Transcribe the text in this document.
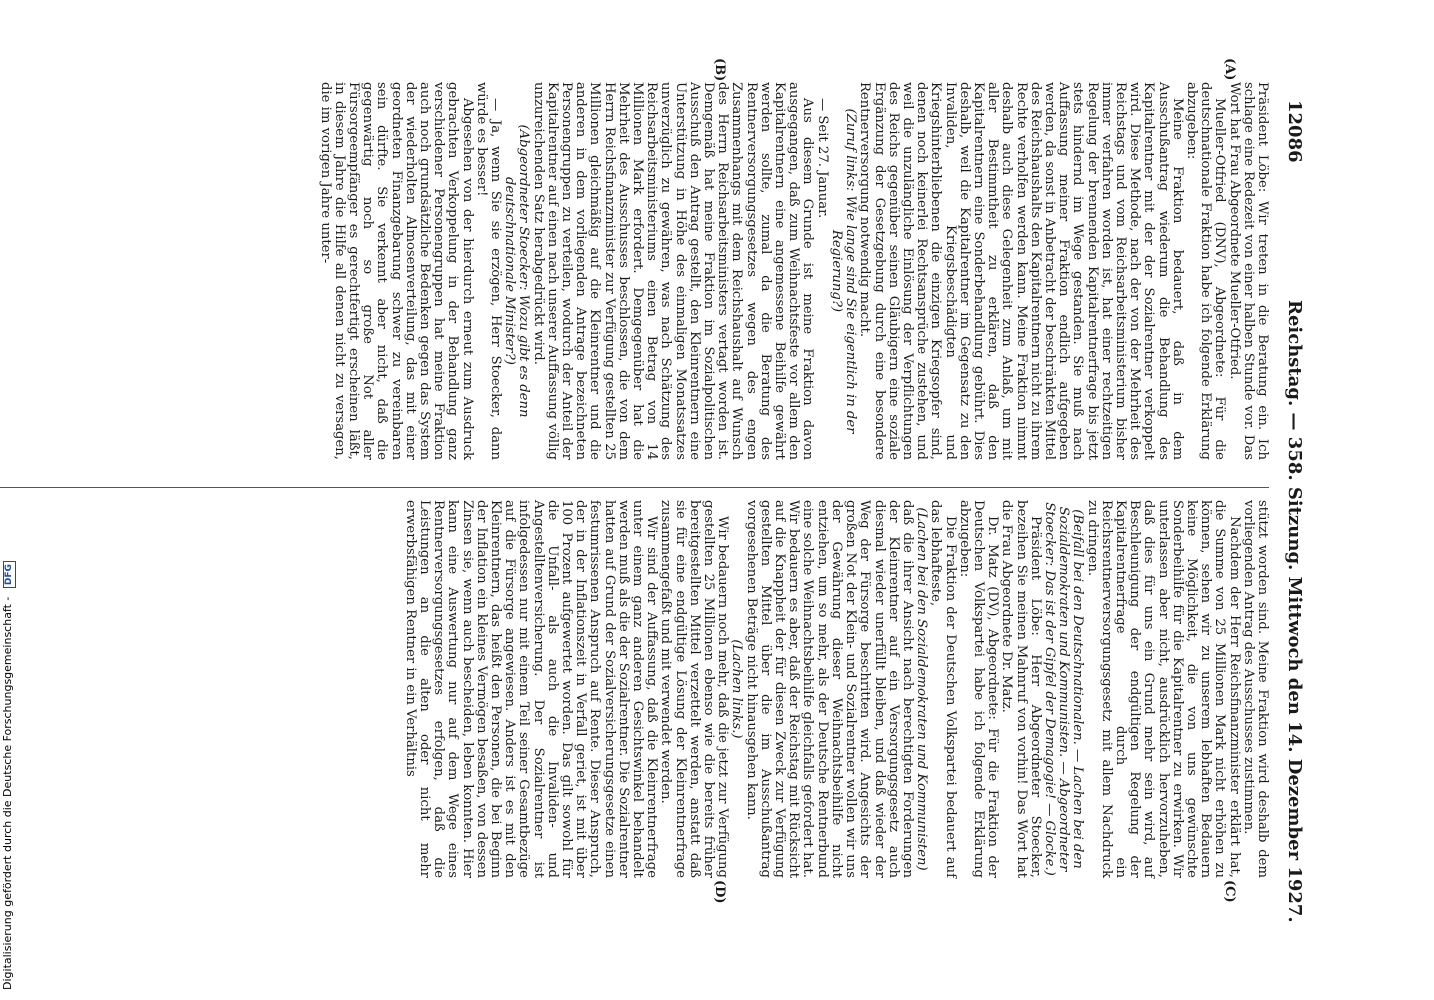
12086
Reichstag. — 358. Sitzung. Mittwoch den 14. Dezember 1927.
(A)
(B)
(C)
(D)

Präsident Löbe: Wir treten in die Beratung ein. Ich schlage eine Redezeit von einer halben Stunde vor. Das Wort hat Frau Abgeordnete Mueller-Otfried.

Mueller-Otfried (DNV), Abgeordnete: Für die deutschnationale Fraktion habe ich folgende Erklärung abzugeben:

Meine Fraktion bedauert, daß in dem Ausschußantrag wiederum die Behandlung des Kapitalrentner mit der der Sozialrentner verkoppelt wird. Diese Methode, nach der von der Mehrheit des Reichstags und vom Reichsarbeitsministerium bisher immer verfahren worden ist, hat einer rechtzeitigen Regelung der brennenden Kapitalrentnerfrage bis jetzt stets hindernd im Wege gestanden. Sie muß nach Auffassung meiner Fraktion endlich aufgegeben werden, da sonst in Anbetracht der beschränkten Mittel des Reichshaushalts den Kapitalrentnern nicht zu ihrem Rechte verholfen werden kann. Meine Fraktion nimmt deshalb auch diese Gelegenheit zum Anlaß, um mit aller Bestimmtheit zu erklären, daß den Kapitalrentnern eine Sonderbehandlung gebührt. Dies deshalb, weil die Kapitalrentner im Gegensatz zu den Invaliden, Kriegsbeschädigten und Kriegshinterbliebenen die einzigen Kriegsopfer sind, denen noch keinerlei Rechtsansprüche zustehen, und weil die unzulängliche Einlösung der Verpflichtungen des Reichs gegenüber seinen Gläubigern eine soziale Ergänzung der Gesetzgebung durch eine besondere Rentnerversorgung notwendig macht.

(Zuruf links: Wie lange sind Sie eigentlich in der Regierung?)

— Seit 27. Januar.

Aus diesem Grunde ist meine Fraktion davon ausgegangen, daß zum Weihnachtsfeste vor allem den Kapitalrentnern eine angemessene Beihilfe gewährt werden sollte, zumal da die Beratung des Rentnerversorgungsgesetzes wegen des engen Zusammenhangs mit dem Reichshaushalt auf Wunsch des Herrn Reichsarbeitsministers vertagt worden ist. Demgemäß hat meine Fraktion im Sozialpolitischen Ausschuß den Antrag gestellt, den Kleinrentnern eine Unterstützung in Höhe des einmaligen Monatssatzes unverzüglich zu gewähren, was nach Schätzung des Reichsarbeitsministeriums einen Betrag von 14 Millionen Mark erfordert. Demgegenüber hat die Mehrheit des Ausschusses beschlossen, die von dem Herrn Reichsfinanzminister zur Verfügung gestellten 25 Millionen gleichmäßig auf die Kleinrentner und die anderen in dem vorliegenden Antrage bezeichneten Personengruppen zu verteilen, wodurch der Anteil der Kapitalrentner auf einen nach unserer Auffassung völlig unzureichenden Satz herabgedrückt wird.

(Abgeordneter Stoecker: Wozu gibt es denn deutschnationale Minister?)

— Ja, wenn Sie sie erzögen, Herr Stoecker, dann würde es besser!

Abgesehen von der hierdurch erneut zum Ausdruck gebrachten Verkoppelung in der Behandlung ganz verschiedener Personengruppen hat meine Fraktion auch noch grundsätzliche Bedenken gegen das System der wiederholten Almosenverteilung, das mit einer geordneten Finanzgebarung schwer zu vereinbaren sein dürfte. Sie verkennt aber nicht, daß die gegenwärtig noch so große Not aller Fürsorgeempfänger es gerechtfertigt erscheinen läßt, in diesem Jahre die Hilfe all denen nicht zu versagen, die im vorigen Jahre unter-

stützt worden sind. Meine Fraktion wird deshalb dem vorliegenden Antrag des Ausschusses zustimmen.

Nachdem der Herr Reichsfinanzminister erklärt hat, die Summe von 25 Millionen Mark nicht erhöhen zu können, sehen wir zu unserem lebhaften Bedauern keine Möglichkeit, die von uns gewünschte Sonderbeihilfe für die Kapitalrentner zu erwirken. Wir unterlassen aber nicht, ausdrücklich hervorzuheben, daß dies für uns ein Grund mehr sein wird, auf Beschleunigung der endgültigen Regelung der Kapitalrentnerfrage durch ein Reichsrentnerversorgungsgesetz mit allem Nachdruck zu dringen.

(Beifall bei den Deutschnationalen. — Lachen bei den Sozialdemokraten und Kommunisten. — Abgeordneter Stoecker: Das ist der Gipfel der Demagogie! — Glocke.)

Präsident Löbe: Herr Abgeordneter Stoecker, bezeihen Sie meinen Mahnruf von vorhin! Das Wort hat die Frau Abgeordnete Dr. Matz.

Dr. Matz (DV), Abgeordnete: Für die Fraktion der Deutschen Volkspartei habe ich folgende Erklärung abzugeben:

Die Fraktion der Deutschen Volkspartei bedauert auf das lebhafteste,

(Lachen bei den Sozialdemokraten und Kommunisten)

daß die ihrer Ansicht nach berechtigten Forderungen der Kleinrentner auf ein Versorgungsgesetz auch diesmal wieder unerfüllt bleiben, und daß wieder der Weg der Fürsorge beschritten wird. Angesichts der großen Not der Klein- und Sozialrentner wollen wir uns der Gewährung dieser Weihnachtsbeihilfe nicht entziehen, um so mehr, als der Deutsche Rentnerbund eine solche Weihnachtsbeihilfe gleichfalls gefordert hat. Wir bedauern es aber, daß der Reichstag mit Rücksicht auf die Knappheit der für diesen Zweck zur Verfügung gestellten Mittel über die im Ausschußantrag vorgesehenen Beträge nicht hinausgehen kann.

(Lachen links.)

Wir bedauern noch mehr, daß die jetzt zur Verfügung gestellten 25 Millionen ebenso wie die bereits früher bereitgestellten Mittel verzettelt werden, anstatt daß sie für eine endgültige Lösung der Kleinrentnerfrage zusammengefaßt und mit verwendet werden.

Wir sind der Auffassung, daß die Kleinrentnerfrage unter einem ganz anderen Gesichtswinkel behandelt werden muß als die der Sozialrentner. Die Sozialrentner hatten auf Grund der Sozialversicherungsgesetze einen festumrissenen Anspruch auf Rente. Dieser Anspruch, der in der Inflationszeit in Verfall geriet, ist mit über 100 Prozent aufgewertet worden. Das gilt sowohl für die Unfall- als auch die Invaliden- und Angestelltenversicherung. Der Sozialrentner ist infolgedessen nur mit einem Teil seiner Gesamtbezüge auf die Fürsorge angewiesen. Anders ist es mit den Kleinrentnern, das heißt den Personen, die bei Beginn der Inflation ein kleines Vermögen besaßen, von dessen Zinsen sie, wenn auch bescheiden, leben konnten. Hier kann eine Auswertung nur auf dem Wege eines Rentnerversorgungsgesetzes erfolgen, daß die Leistungen an die alten oder nicht mehr erwerbsfähigen Rentner in ein Verhältnis

Digitalisierung gefördert durch die Deutsche Forschungsgemeinschaft - DFG
